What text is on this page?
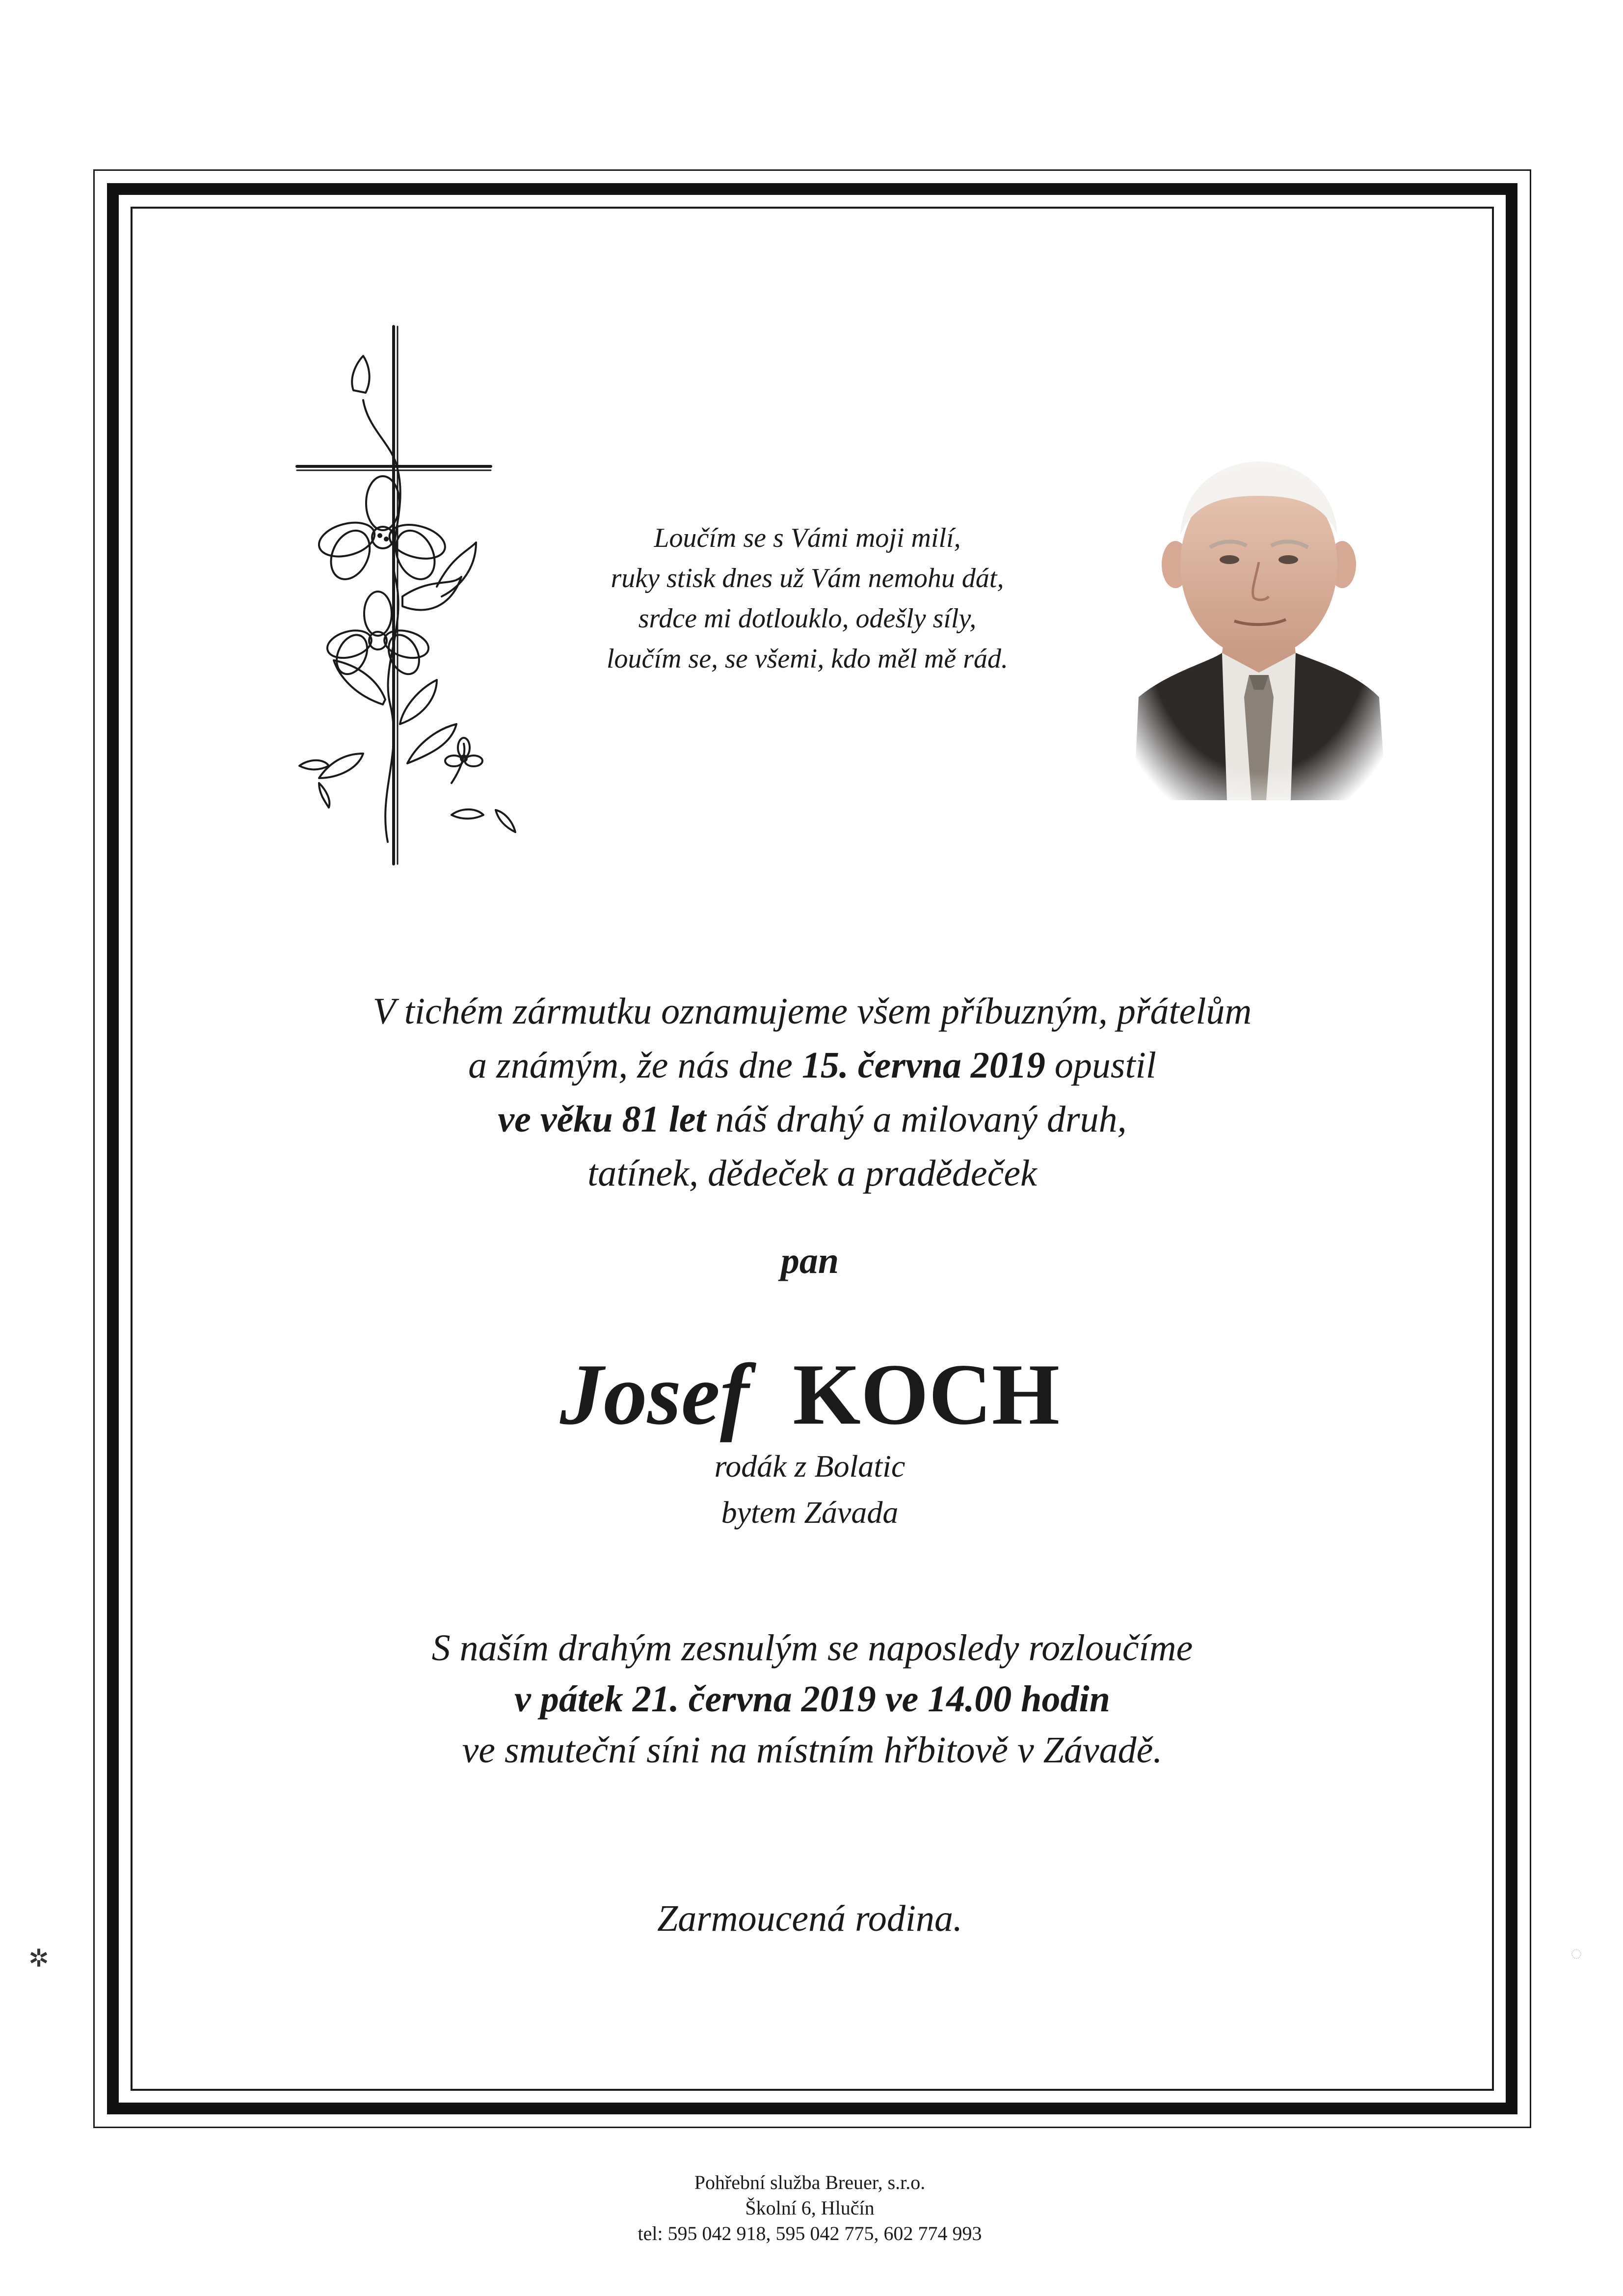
Loučím se s Vámi moji milí,
ruky stisk dnes už Vám nemohu dát,
srdce mi dotlouklo, odešly síly,
loučím se, se všemi, kdo měl mě rád.
V tichém zármutku oznamujeme všem příbuzným, přátelům
a známým, že nás dne 15. června 2019 opustil
ve věku 81 let náš drahý a milovaný druh,
tatínek, dědeček a pradědeček
pan
Josef KOCH
rodák z Bolatic
bytem Závada
S naším drahým zesnulým se naposledy rozloučíme
v pátek 21. června 2019 ve 14.00 hodin
ve smuteční síni na místním hřbitově v Závadě.
Zarmoucená rodina.
Pohřební služba Breuer, s.r.o.
Školní 6, Hlučín
tel: 595 042 918, 595 042 775, 602 774 993
✲	◌
